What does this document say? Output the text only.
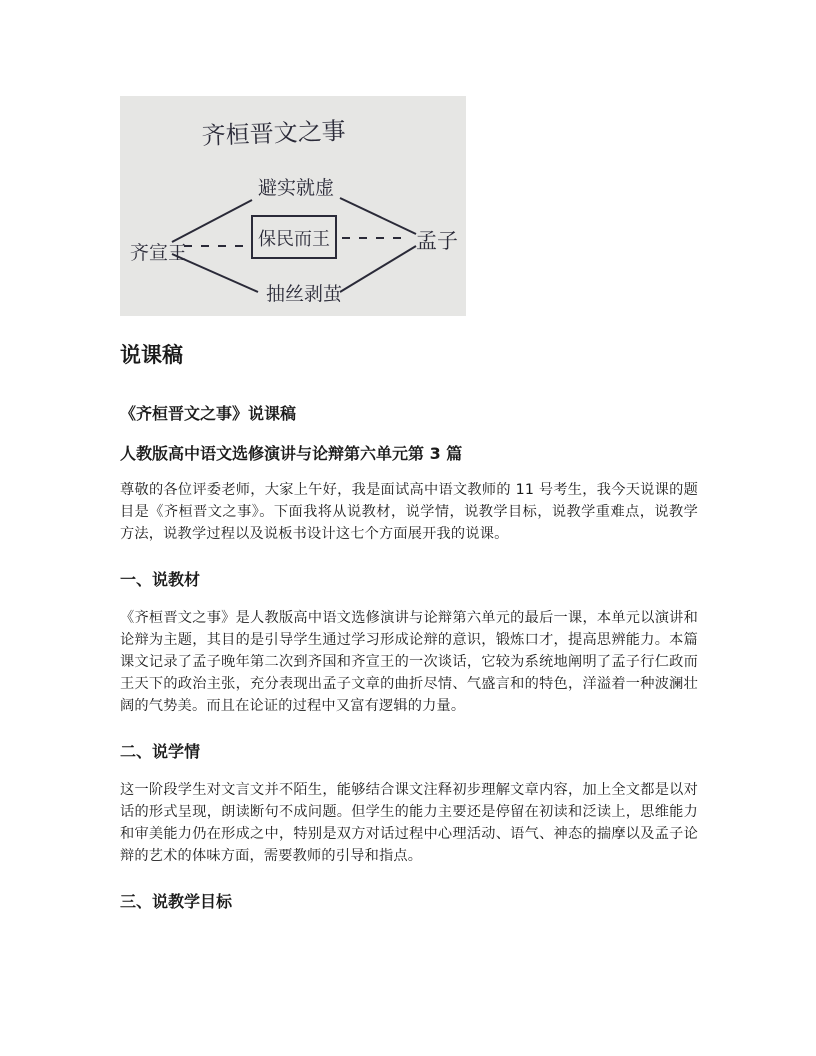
齐桓晋文之事
避实就虚
齐宣王
保民而王	孟子
抽丝剥茧
说课稿
《齐桓晋文之事》说课稿
人教版高中语文选修演讲与论辩第六单元第 3 篇

尊敬的各位评委老师，大家上午好，我是面试高中语文教师的 11 号考生，我今天说课的题目是《齐桓晋文之事》。下面我将从说教材，说学情，说教学目标，说教学重难点，说教学方法，说教学过程以及说板书设计这七个方面展开我的说课。

一、说教材

《齐桓晋文之事》是人教版高中语文选修演讲与论辩第六单元的最后一课，本单元以演讲和论辩为主题，其目的是引导学生通过学习形成论辩的意识，锻炼口才，提高思辨能力。本篇课文记录了孟子晚年第二次到齐国和齐宣王的一次谈话，它较为系统地阐明了孟子行仁政而王天下的政治主张，充分表现出孟子文章的曲折尽情、气盛言和的特色，洋溢着一种波澜壮阔的气势美。而且在论证的过程中又富有逻辑的力量。

二、说学情

这一阶段学生对文言文并不陌生，能够结合课文注释初步理解文章内容，加上全文都是以对话的形式呈现，朗读断句不成问题。但学生的能力主要还是停留在初读和泛读上，思维能力和审美能力仍在形成之中，特别是双方对话过程中心理活动、语气、神态的揣摩以及孟子论辩的艺术的体味方面，需要教师的引导和指点。

三、说教学目标
